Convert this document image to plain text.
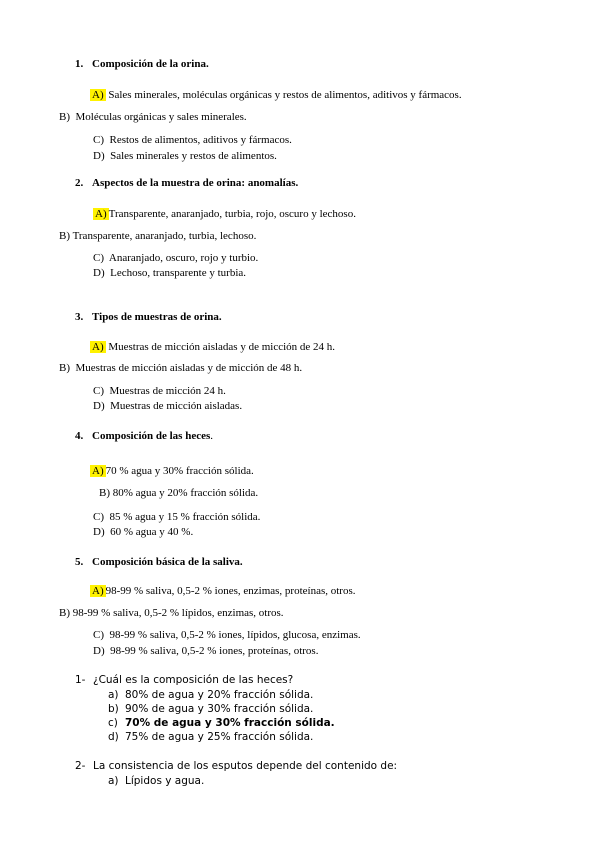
1. Composición de la orina.
A) Sales minerales, moléculas orgánicas y restos de alimentos, aditivos y fármacos.
B) Moléculas orgánicas y sales minerales.
C) Restos de alimentos, aditivos y fármacos.
D) Sales minerales y restos de alimentos.
2. Aspectos de la muestra de orina: anomalías.
A) Transparente, anaranjado, turbia, rojo, oscuro y lechoso.
B) Transparente, anaranjado, turbia, lechoso.
C) Anaranjado, oscuro, rojo y turbio.
D) Lechoso, transparente y turbia.
3. Tipos de muestras de orina.
A) Muestras de micción aisladas y de micción de 24 h.
B) Muestras de micción aisladas y de micción de 48 h.
C) Muestras de micción 24 h.
D) Muestras de micción aisladas.
4. Composición de las heces.
A) 70 % agua y 30% fracción sólida.
B) 80% agua y 20% fracción sólida.
C) 85 % agua y 15 % fracción sólida.
D) 60 % agua y 40 %.
5. Composición básica de la saliva.
A) 98-99 % saliva, 0,5-2 % iones, enzimas, proteínas, otros.
B) 98-99 % saliva, 0,5-2 % lípidos, enzimas, otros.
C) 98-99 % saliva, 0,5-2 % iones, lípidos, glucosa, enzimas.
D) 98-99 % saliva, 0,5-2 % iones, proteínas, otros.
1- ¿Cuál es la composición de las heces?
a) 80% de agua y 20% fracción sólida.
b) 90% de agua y 30% fracción sólida.
c) 70% de agua y 30% fracción sólida.
d) 75% de agua y 25% fracción sólida.
2- La consistencia de los esputos depende del contenido de:
a) Lípidos y agua.
